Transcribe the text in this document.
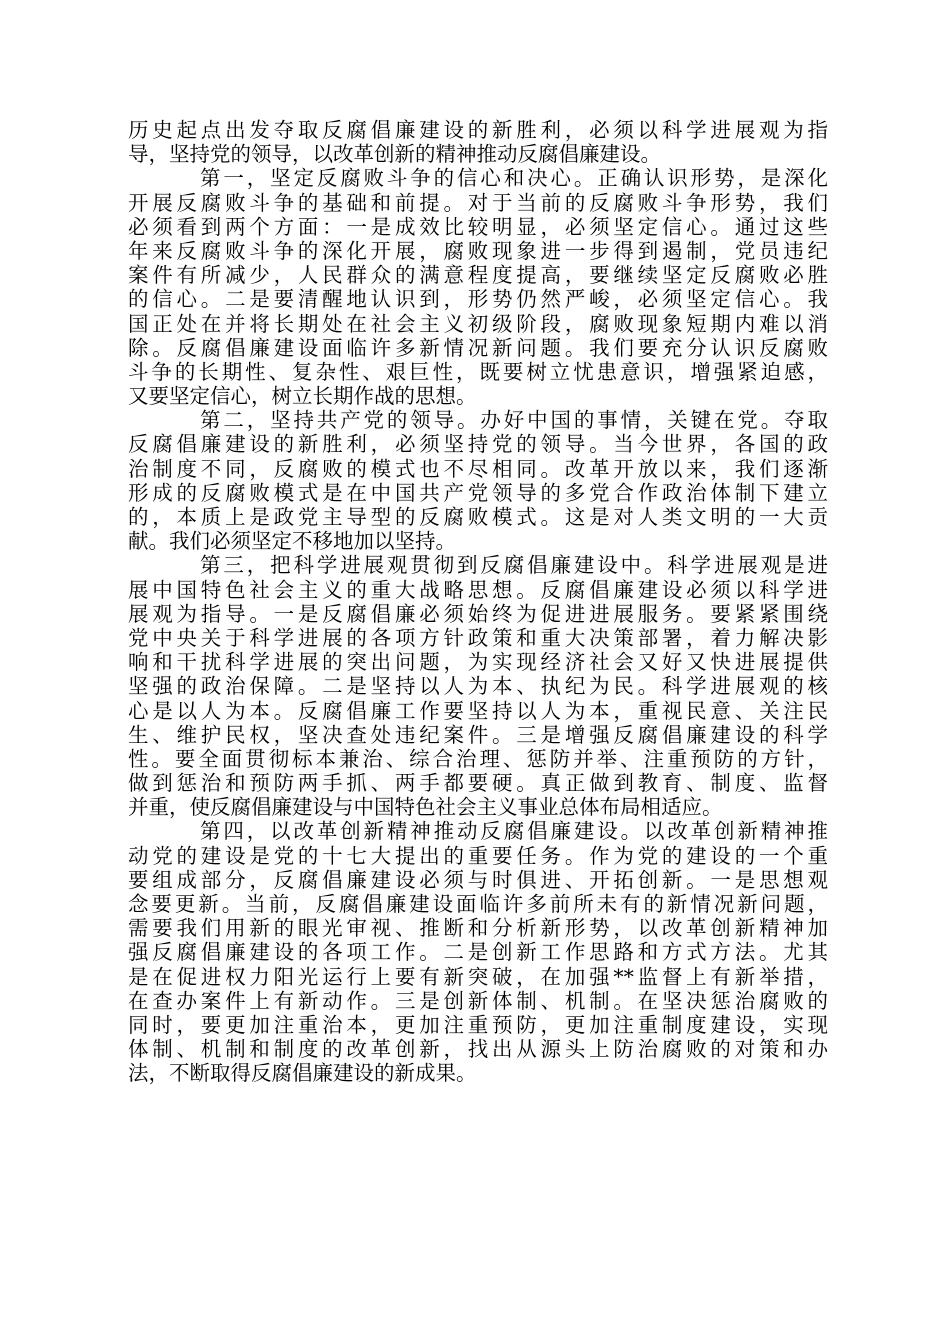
历史起点出发夺取反腐倡廉建设的新胜利，必须以科学进展观为指
导，坚持党的领导，以改革创新的精神推动反腐倡廉建设。
第一，坚定反腐败斗争的信心和决心。正确认识形势，是深化
开展反腐败斗争的基础和前提。对于当前的反腐败斗争形势，我们
必须看到两个方面：一是成效比较明显，必须坚定信心。通过这些
年来反腐败斗争的深化开展，腐败现象进一步得到遏制，党员违纪
案件有所减少，人民群众的满意程度提高，要继续坚定反腐败必胜
的信心。二是要清醒地认识到，形势仍然严峻，必须坚定信心。我
国正处在并将长期处在社会主义初级阶段，腐败现象短期内难以消
除。反腐倡廉建设面临许多新情况新问题。我们要充分认识反腐败
斗争的长期性、复杂性、艰巨性，既要树立忧患意识，增强紧迫感，
又要坚定信心，树立长期作战的思想。
第二，坚持共产党的领导。办好中国的事情，关键在党。夺取
反腐倡廉建设的新胜利，必须坚持党的领导。当今世界，各国的政
治制度不同，反腐败的模式也不尽相同。改革开放以来，我们逐渐
形成的反腐败模式是在中国共产党领导的多党合作政治体制下建立
的，本质上是政党主导型的反腐败模式。这是对人类文明的一大贡
献。我们必须坚定不移地加以坚持。
第三，把科学进展观贯彻到反腐倡廉建设中。科学进展观是进
展中国特色社会主义的重大战略思想。反腐倡廉建设必须以科学进
展观为指导。一是反腐倡廉必须始终为促进进展服务。要紧紧围绕
党中央关于科学进展的各项方针政策和重大决策部署，着力解决影
响和干扰科学进展的突出问题，为实现经济社会又好又快进展提供
坚强的政治保障。二是坚持以人为本、执纪为民。科学进展观的核
心是以人为本。反腐倡廉工作要坚持以人为本，重视民意、关注民
生、维护民权，坚决查处违纪案件。三是增强反腐倡廉建设的科学
性。要全面贯彻标本兼治、综合治理、惩防并举、注重预防的方针，
做到惩治和预防两手抓、两手都要硬。真正做到教育、制度、监督
并重，使反腐倡廉建设与中国特色社会主义事业总体布局相适应。
第四，以改革创新精神推动反腐倡廉建设。以改革创新精神推
动党的建设是党的十七大提出的重要任务。作为党的建设的一个重
要组成部分，反腐倡廉建设必须与时俱进、开拓创新。一是思想观
念要更新。当前，反腐倡廉建设面临许多前所未有的新情况新问题，
需要我们用新的眼光审视、推断和分析新形势，以改革创新精神加
强反腐倡廉建设的各项工作。二是创新工作思路和方式方法。尤其
是在促进权力阳光运行上要有新突破，在加强**监督上有新举措，
在查办案件上有新动作。三是创新体制、机制。在坚决惩治腐败的
同时，要更加注重治本，更加注重预防，更加注重制度建设，实现
体制、机制和制度的改革创新，找出从源头上防治腐败的对策和办
法，不断取得反腐倡廉建设的新成果。
